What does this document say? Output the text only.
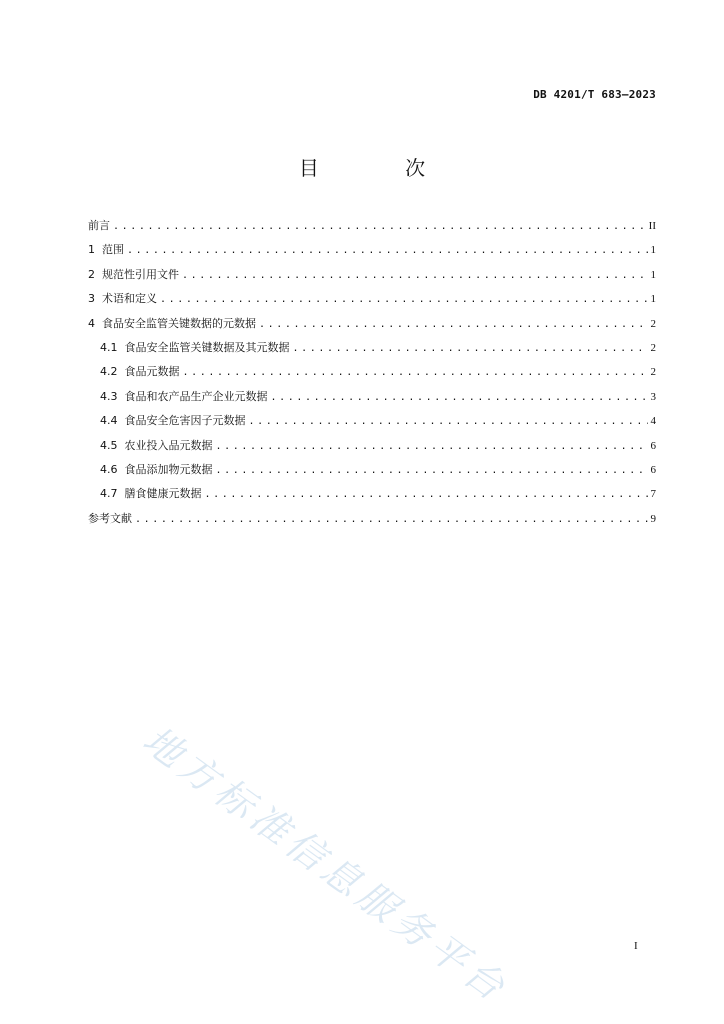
DB 4201/T 683—2023
目 次
前言 .....	II
1 范围 .....	1
2 规范性引用文件 .....	1
3 术语和定义 .....	1
4 食品安全监管关键数据的元数据 .....	2
4.1 食品安全监管关键数据及其元数据 .....	2
4.2 食品元数据 .....	2
4.3 食品和农产品生产企业元数据 .....	3
4.4 食品安全危害因子元数据 .....	4
4.5 农业投入品元数据 .....	6
4.6 食品添加物元数据 .....	6
4.7 膳食健康元数据 .....	7
参考文献 .....	9
地方标准信息服务平台	I
